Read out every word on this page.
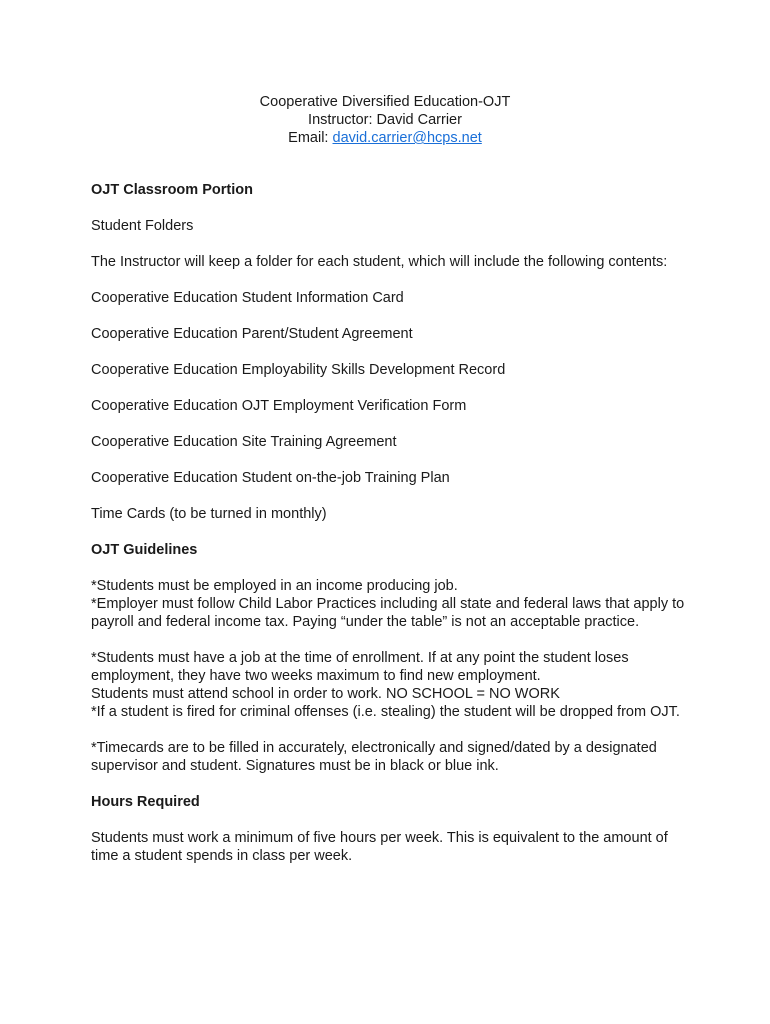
Cooperative Diversified Education-OJT
Instructor: David Carrier
Email: david.carrier@hcps.net
OJT Classroom Portion

Student Folders

The Instructor will keep a folder for each student, which will include the following contents:

Cooperative Education Student Information Card

Cooperative Education Parent/Student Agreement

Cooperative Education Employability Skills Development Record

Cooperative Education OJT Employment Verification Form

Cooperative Education Site Training Agreement

Cooperative Education Student on-the-job Training Plan

Time Cards (to be turned in monthly)

OJT Guidelines
*Students must be employed in an income producing job.
*Employer must follow Child Labor Practices including all state and federal laws that apply to payroll and federal income tax. Paying “under the table” is not an acceptable practice.
*Students must have a job at the time of enrollment. If at any point the student loses employment, they have two weeks maximum to find new employment.
Students must attend school in order to work. NO SCHOOL = NO WORK
*If a student is fired for criminal offenses (i.e. stealing) the student will be dropped from OJT.

*Timecards are to be filled in accurately, electronically and signed/dated by a designated supervisor and student. Signatures must be in black or blue ink.

Hours Required

Students must work a minimum of five hours per week. This is equivalent to the amount of time a student spends in class per week.
